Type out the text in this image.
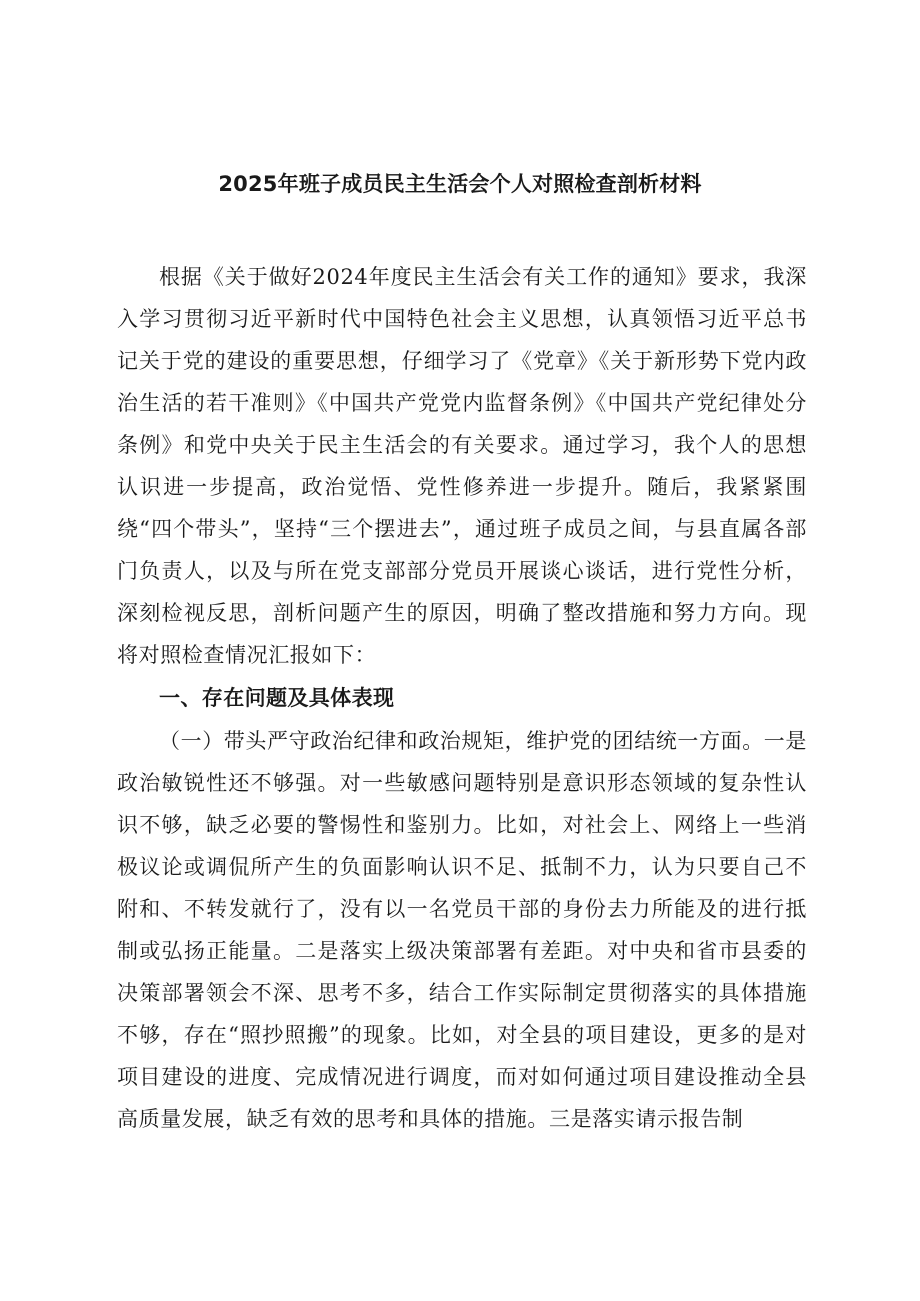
2025年班子成员民主生活会个人对照检查剖析材料

根据《关于做好2024年度民主生活会有关工作的通知》要求，我深入学习贯彻习近平新时代中国特色社会主义思想，认真领悟习近平总书记关于党的建设的重要思想，仔细学习了《党章》《关于新形势下党内政治生活的若干准则》《中国共产党党内监督条例》《中国共产党纪律处分条例》和党中央关于民主生活会的有关要求。通过学习，我个人的思想认识进一步提高，政治觉悟、党性修养进一步提升。随后，我紧紧围绕“四个带头”，坚持“三个摆进去”，通过班子成员之间，与县直属各部门负责人，以及与所在党支部部分党员开展谈心谈话，进行党性分析，深刻检视反思，剖析问题产生的原因，明确了整改措施和努力方向。现将对照检查情况汇报如下：

一、存在问题及具体表现

（一）带头严守政治纪律和政治规矩，维护党的团结统一方面。一是政治敏锐性还不够强。对一些敏感问题特别是意识形态领域的复杂性认识不够，缺乏必要的警惕性和鉴别力。比如，对社会上、网络上一些消极议论或调侃所产生的负面影响认识不足、抵制不力，认为只要自己不附和、不转发就行了，没有以一名党员干部的身份去力所能及的进行抵制或弘扬正能量。二是落实上级决策部署有差距。对中央和省市县委的决策部署领会不深、思考不多，结合工作实际制定贯彻落实的具体措施不够，存在“照抄照搬”的现象。比如，对全县的项目建设，更多的是对项目建设的进度、完成情况进行调度，而对如何通过项目建设推动全县高质量发展，缺乏有效的思考和具体的措施。三是落实请示报告制
